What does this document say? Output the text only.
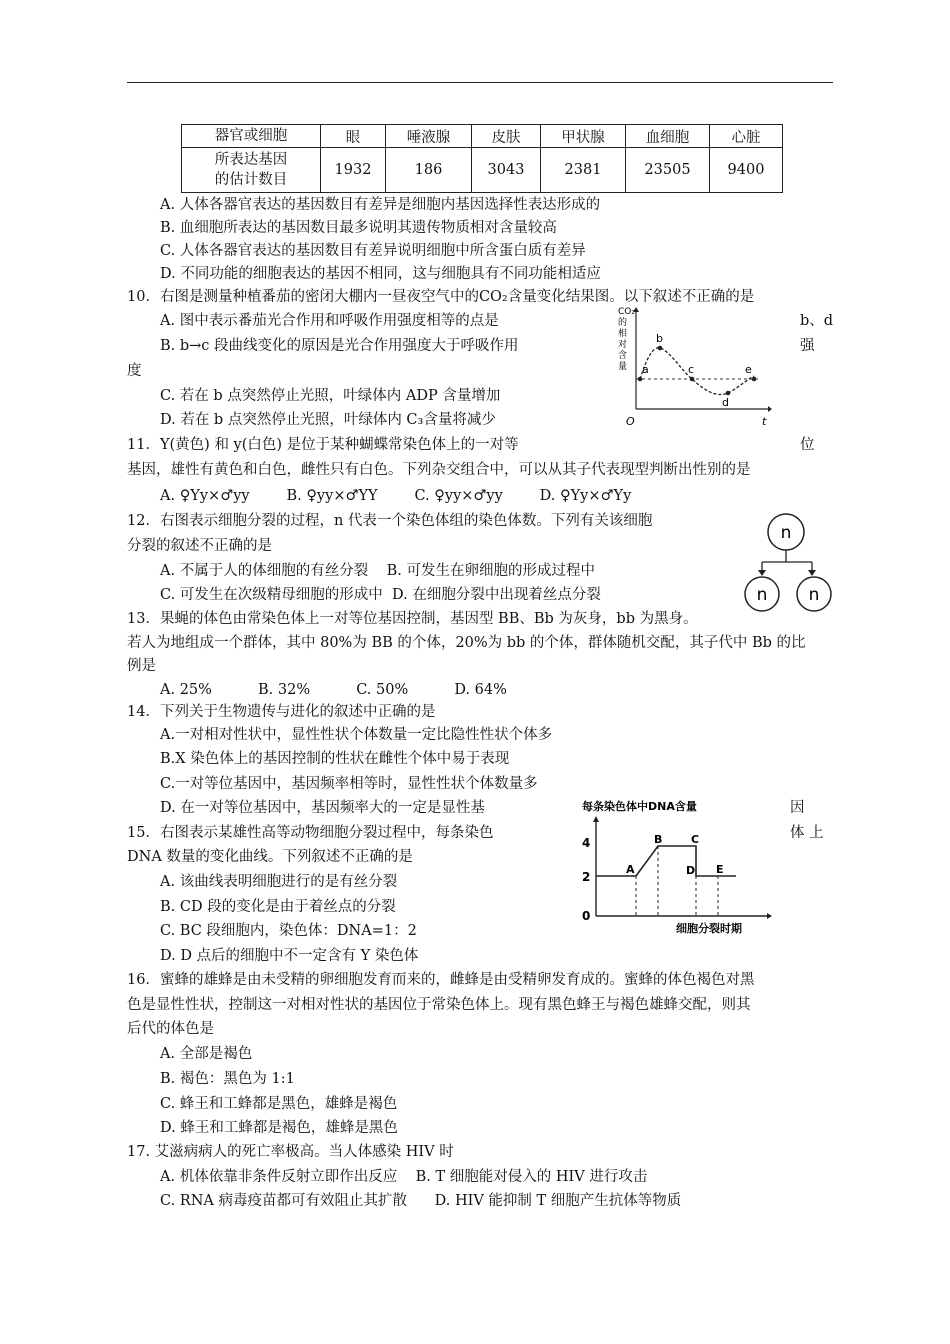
器官或细胞	眼	唾液腺	皮肤	甲状腺	血细胞	心脏

所表达基因
的估计数目	1932	186	3043	2381	23505	9400
A. 人体各器官表达的基因数目有差异是细胞内基因选择性表达形成的
B. 血细胞所表达的基因数目最多说明其遗传物质相对含量较高
C. 人体各器官表达的基因数目有差异说明细胞中所含蛋白质有差异
D. 不同功能的细胞表达的基因不相同，这与细胞具有不同功能相适应
10．右图是测量种植番茄的密闭大棚内一昼夜空气中的CO₂含量变化结果图。以下叙述不正确的是
A. 图中表示番茄光合作用和呼吸作用强度相等的点是	b、d
B. b→c 段曲线变化的原因是光合作用强度大于呼吸作用	强
度
C. 若在 b 点突然停止光照，叶绿体内 ADP 含量增加
D. 若在 b 点突然停止光照，叶绿体内 C₃含量将减少
CO₂ 的相对含量	a
b
c
d
e
O	t
11．Y(黄色) 和 y(白色) 是位于某种蝴蝶常染色体上的一对等	位
基因，雄性有黄色和白色，雌性只有白色。下列杂交组合中，可以从其子代表现型判断出性别的是
A. ♀Yy×♂yy        B. ♀yy×♂YY        C. ♀yy×♂yy        D. ♀Yy×♂Yy
12．右图表示细胞分裂的过程，n 代表一个染色体组的染色体数。下列有关该细胞
分裂的叙述不正确的是
A. 不属于人的体细胞的有丝分裂    B. 可发生在卵细胞的形成过程中
C. 可发生在次级精母细胞的形成中  D. 在细胞分裂中出现着丝点分裂
n
n n
13．果蝇的体色由常染色体上一对等位基因控制，基因型 BB、Bb 为灰身，bb 为黑身。
若人为地组成一个群体，其中 80%为 BB 的个体，20%为 bb 的个体，群体随机交配，其子代中 Bb 的比
例是
A. 25%          B. 32%          C. 50%          D. 64%
14．下列关于生物遗传与进化的叙述中正确的是
A.一对相对性状中，显性性状个体数量一定比隐性性状个体多
B.X 染色体上的基因控制的性状在雌性个体中易于表现
C.一对等位基因中，基因频率相等时，显性性状个体数量多
D. 在一对等位基因中，基因频率大的一定是显性基	因
15．右图表示某雄性高等动物细胞分裂过程中，每条染色	体 上
DNA 数量的变化曲线。下列叙述不正确的是
A. 该曲线表明细胞进行的是有丝分裂
B. CD 段的变化是由于着丝点的分裂
C. BC 段细胞内，染色体：DNA=1：2
D. D 点后的细胞中不一定含有 Y 染色体
每条染色体中DNA含量
4
2
0
A
B	C
D E
细胞分裂时期
16．蜜蜂的雄蜂是由未受精的卵细胞发育而来的，雌蜂是由受精卵发育成的。蜜蜂的体色褐色对黑
色是显性性状，控制这一对相对性状的基因位于常染色体上。现有黑色蜂王与褐色雄蜂交配，则其
后代的体色是
A. 全部是褐色
B. 褐色：黑色为 1:1
C. 蜂王和工蜂都是黑色，雄蜂是褐色
D. 蜂王和工蜂都是褐色，雄蜂是黑色
17. 艾滋病病人的死亡率极高。当人体感染 HIV 时
A. 机体依靠非条件反射立即作出反应    B. T 细胞能对侵入的 HIV 进行攻击
C. RNA 病毒疫苗都可有效阻止其扩散      D. HIV 能抑制 T 细胞产生抗体等物质
